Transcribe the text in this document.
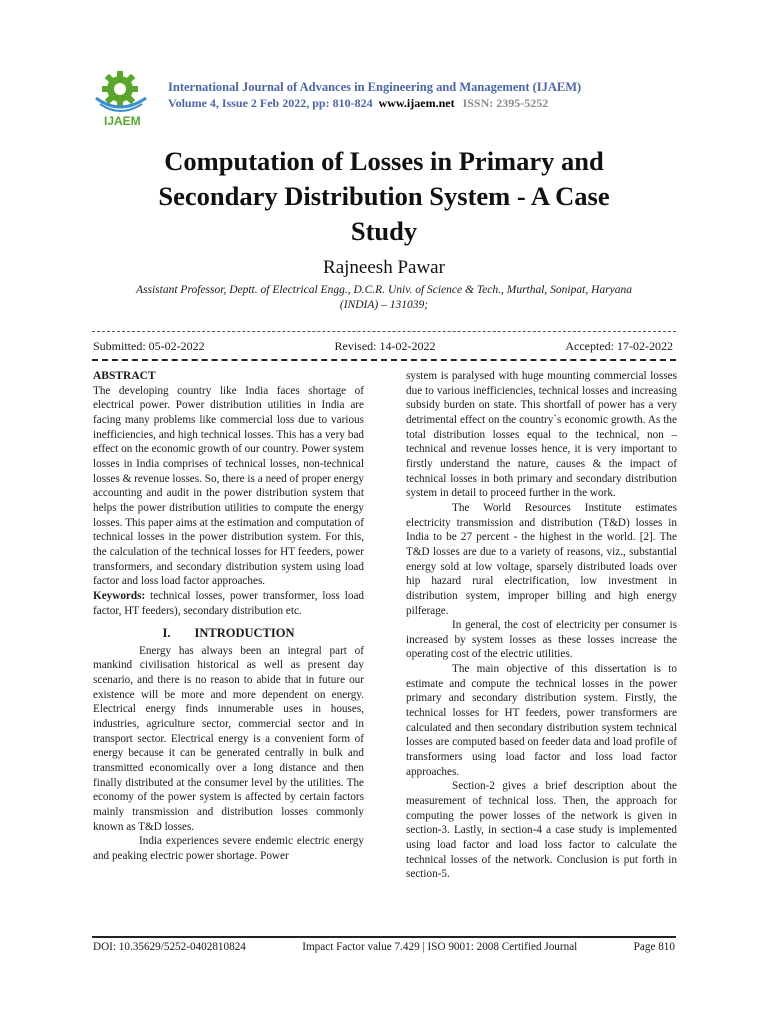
IJAEM
International Journal of Advances in Engineering and Management (IJAEM)
Volume 4, Issue 2 Feb 2022, pp: 810-824 www.ijaem.net ISSN: 2395-5252
Computation of Losses in Primary and
Secondary Distribution System - A Case
Study
Rajneesh Pawar
Assistant Professor, Deptt. of Electrical Engg., D.C.R. Univ. of Science & Tech., Murthal, Sonipat, Haryana
(INDIA) – 131039;
Submitted: 05-02-2022	Revised: 14-02-2022	Accepted: 17-02-2022

ABSTRACT

The developing country like India faces shortage of electrical power. Power distribution utilities in India are facing many problems like commercial loss due to various inefficiencies, and high technical losses. This has a very bad effect on the economic growth of our country. Power system losses in India comprises of technical losses, non-technical losses & revenue losses. So, there is a need of proper energy accounting and audit in the power distribution system that helps the power distribution utilities to compute the energy losses. This paper aims at the estimation and computation of technical losses in the power distribution system. For this, the calculation of the technical losses for HT feeders, power transformers, and secondary distribution system using load factor and loss load factor approaches.

Keywords: technical losses, power transformer, loss load factor, HT feeders), secondary distribution etc.

I. INTRODUCTION

Energy has always been an integral part of mankind civilisation historical as well as present day scenario, and there is no reason to abide that in future our existence will be more and more dependent on energy. Electrical energy finds innumerable uses in houses, industries, agriculture sector, commercial sector and in transport sector. Electrical energy is a convenient form of energy because it can be generated centrally in bulk and transmitted economically over a long distance and then finally distributed at the consumer level by the utilities. The economy of the power system is affected by certain factors mainly transmission and distribution losses commonly known as T&D losses.

India experiences severe endemic electric energy and peaking electric power shortage. Power

system is paralysed with huge mounting commercial losses due to various inefficiencies, technical losses and increasing subsidy burden on state. This shortfall of power has a very detrimental effect on the country`s economic growth. As the total distribution losses equal to the technical, non –technical and revenue losses hence, it is very important to firstly understand the nature, causes & the impact of technical losses in both primary and secondary distribution system in detail to proceed further in the work.

The World Resources Institute estimates electricity transmission and distribution (T&D) losses in India to be 27 percent - the highest in the world. [2]. The T&D losses are due to a variety of reasons, viz., substantial energy sold at low voltage, sparsely distributed loads over hip hazard rural electrification, low investment in distribution system, improper billing and high energy pilferage.

In general, the cost of electricity per consumer is increased by system losses as these losses increase the operating cost of the electric utilities.

The main objective of this dissertation is to estimate and compute the technical losses in the power primary and secondary distribution system. Firstly, the technical losses for HT feeders, power transformers are calculated and then secondary distribution system technical losses are computed based on feeder data and load profile of transformers using load factor and loss load factor approaches.

Section-2 gives a brief description about the measurement of technical loss. Then, the approach for computing the power losses of the network is given in section-3. Lastly, in section-4 a case study is implemented using load factor and load loss factor to calculate the technical losses of the network. Conclusion is put forth in section-5.

DOI: 10.35629/5252-0402810824	Impact Factor value 7.429 | ISO 9001: 2008 Certified Journal	Page 810
